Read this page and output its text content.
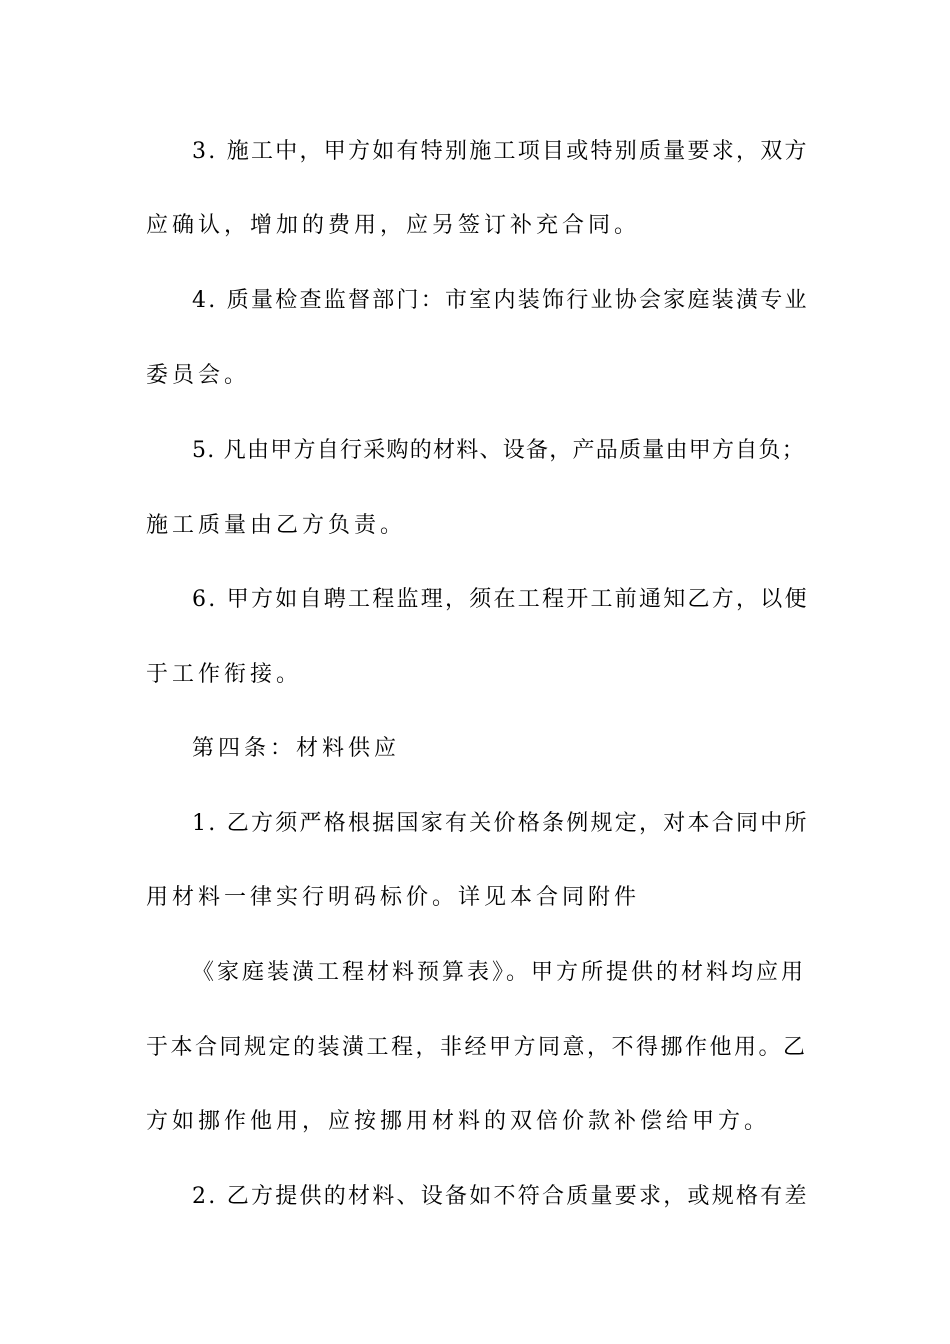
3. 施工中，甲方如有特别施工项目或特别质量要求，双方
应确认，增加的费用，应另签订补充合同。
4. 质量检查监督部门：市室内装饰行业协会家庭装潢专业
委员会。
5. 凡由甲方自行采购的材料、设备，产品质量由甲方自负；
施工质量由乙方负责。
6. 甲方如自聘工程监理，须在工程开工前通知乙方，以便
于工作衔接。
第四条：材料供应
1. 乙方须严格根据国家有关价格条例规定，对本合同中所
用材料一律实行明码标价。详见本合同附件
《家庭装潢工程材料预算表》。甲方所提供的材料均应用
于本合同规定的装潢工程，非经甲方同意，不得挪作他用。乙
方如挪作他用，应按挪用材料的双倍价款补偿给甲方。
2. 乙方提供的材料、设备如不符合质量要求，或规格有差
